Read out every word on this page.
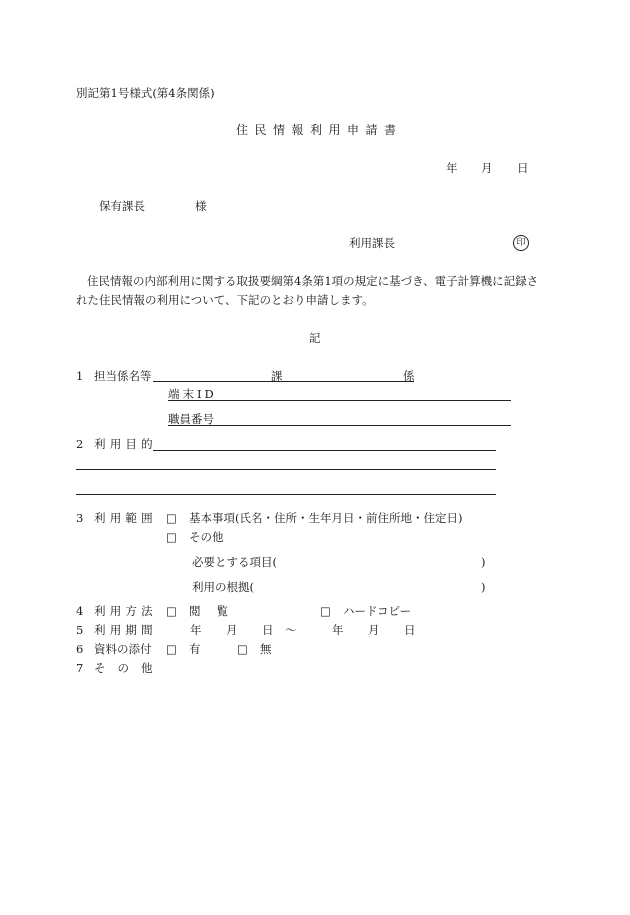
別記第1号様式(第4条関係)
住民情報利用申請書
年 月 日
保有課長	様
利用課長	印
住民情報の内部利用に関する取扱要綱第4条第1項の規定に基づき、電子計算機に記録さ
れた住民情報の利用について、下記のとおり申請します。
記
1 担当係名等	課	係
端末ID
職員番号
2 利用目的
3 利用範囲 □ 基本事項(氏名・住所・生年月日・前住所地・住定日)
□ その他
必要とする項目(	)
利用の根拠(	)
4 利用方法 □ 閲覧	□ ハードコピー
5 利用期間	年 月 日 〜	年 月 日
6 資料の添付 □ 有	□ 無
7 その他
